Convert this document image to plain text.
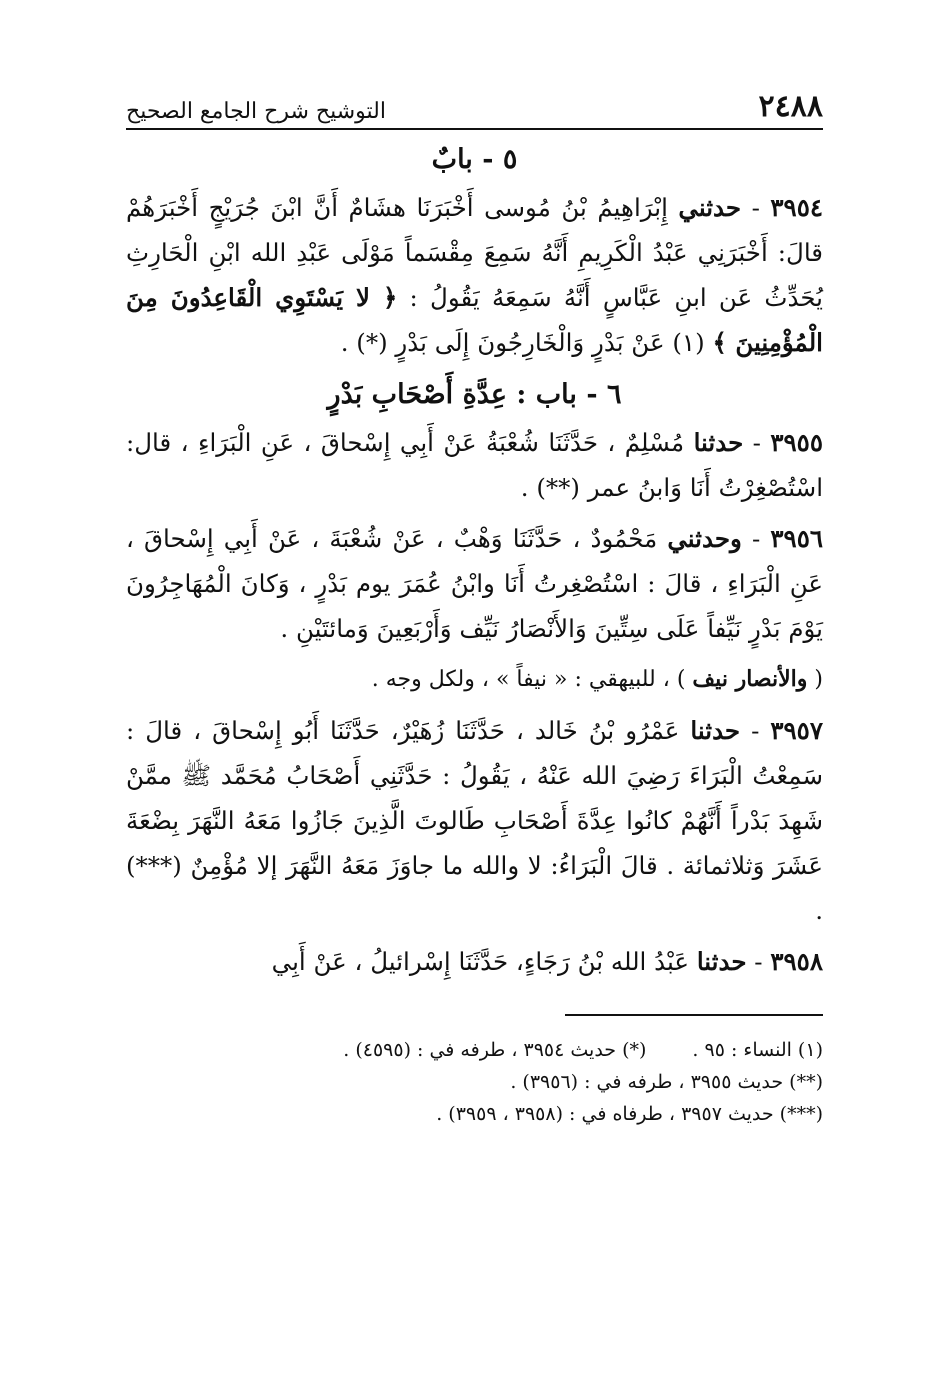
٢٤٨٨
التوشيح شرح الجامع الصحيح
٥ - بابٌ

٣٩٥٤ - حدثني إِبْرَاهِيمُ بْنُ مُوسى أَخْبَرَنَا هشَامٌ أَنَّ ابْنَ جُرَيْجٍ أَخْبَرَهُمْ قالَ: أَخْبَرَنِي عَبْدُ الْكَرِيمِ أَنَّهُ سَمِعَ مِقْسَماً مَوْلَى عَبْدِ الله ابْنِ الْحَارِثِ يُحَدِّثُ عَن ابنِ عَبَّاسٍ أَنَّهُ سَمِعَهُ يَقُولُ : ﴿ لا يَسْتَوِي الْقَاعِدُونَ مِنَ الْمُؤْمِنِينَ ﴾ (١) عَنْ بَدْرٍ وَالْخَارِجُونَ إِلَى بَدْرٍ (*) .

٦ - باب : عِدَّةِ أَصْحَابِ بَدْرٍ

٣٩٥٥ - حدثنا مُسْلِمٌ ، حَدَّثَنَا شُعْبَةُ عَنْ أَبِي إِسْحاقَ ، عَنِ الْبَرَاءِ ، قال: اسْتُصْغِرْتُ أَنَا وَابنُ عمر (**) .

٣٩٥٦ - وحدثني مَحْمُودٌ ، حَدَّثَنَا وَهْبٌ ، عَنْ شُعْبَةَ ، عَنْ أَبِي إِسْحاقَ ، عَنِ الْبَرَاءِ ، قالَ : اسْتُصْغِرتُ أَنَا وابْنُ عُمَرَ يوم بَدْرٍ ، وَكانَ الْمُهَاجِرُونَ يَوْمَ بَدْرٍ نَيِّفاً عَلَى سِتِّينَ وَالأَنْصَارُ نَيِّف وَأَرْبَعِينَ وَمائتَيْنِ .

( والأنصار نيف ) ، للبيهقي : « نيفاً » ، ولكل وجه .

٣٩٥٧ - حدثنا عَمْرُو بْنُ خَالد ، حَدَّثَنَا زُهَيْرٌ، حَدَّثَنَا أَبُو إِسْحاقَ ، قالَ : سَمِعْتُ الْبَرَاءَ رَضِيَ الله عَنْهُ ، يَقُولُ : حَدَّثَنِي أَصْحَابُ مُحَمَّد ﷺ ممَّنْ شَهِدَ بَدْراً أَنَّهُمْ كانُوا عِدَّةَ أَصْحَابِ طَالوتَ الَّذِينَ جَازُوا مَعَهُ النَّهَرَ بِضْعَةَ عَشَرَ وَثلاثمائة . قالَ الْبَرَاءُ: لا والله ما جاوَزَ مَعَهُ النَّهَرَ إلا مُؤْمِنٌ (***) .

٣٩٥٨ - حدثنا عَبْدُ الله بْنُ رَجَاءٍ، حَدَّثَنَا إِسْرائيلُ ، عَنْ أَبِي

(١) النساء : ٩٥ .(*) حديث ٣٩٥٤ ، طرفه في : (٤٥٩٥) .

(**) حديث ٣٩٥٥ ، طرفه في : (٣٩٥٦) .

(***) حديث ٣٩٥٧ ، طرفاه في : (٣٩٥٨ ، ٣٩٥٩) .
